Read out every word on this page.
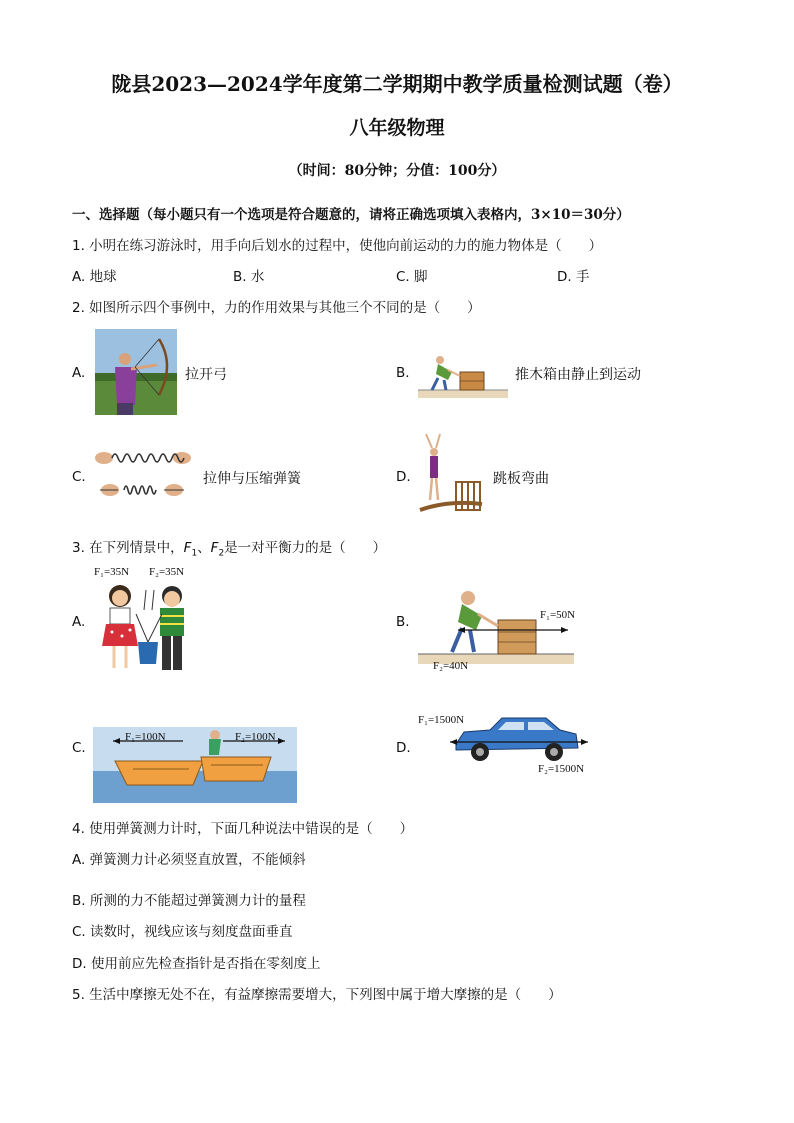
陇县2023—2024学年度第二学期期中教学质量检测试题（卷）
八年级物理
（时间：80分钟；分值：100分）
一、选择题（每小题只有一个选项是符合题意的，请将正确选项填入表格内，3×10＝30分）
1. 小明在练习游泳时，用手向后划水的过程中，使他向前运动的力的施力物体是（　　）
A. 地球	B. 水	C. 脚	D. 手
2. 如图所示四个事例中，力的作用效果与其他三个不同的是（　　）
A.	拉开弓	B.	推木箱由静止到运动
C.	拉伸与压缩弹簧	D.	跳板弯曲
3. 在下列情景中，$F_1$、$F_2$是一对平衡力的是（　　）
A.
F₁=35N F₂=35N
B.	F₁=50N
F₂=40N
C.
F₁=100N	F₂=100N
D.
F₁=1500N
F₂=1500N
4. 使用弹簧测力计时，下面几种说法中错误的是（　　）
A. 弹簧测力计必须竖直放置，不能倾斜
B. 所测的力不能超过弹簧测力计的量程
C. 读数时，视线应该与刻度盘面垂直
D. 使用前应先检查指针是否指在零刻度上
5. 生活中摩擦无处不在，有益摩擦需要增大，下列图中属于增大摩擦的是（　　）
